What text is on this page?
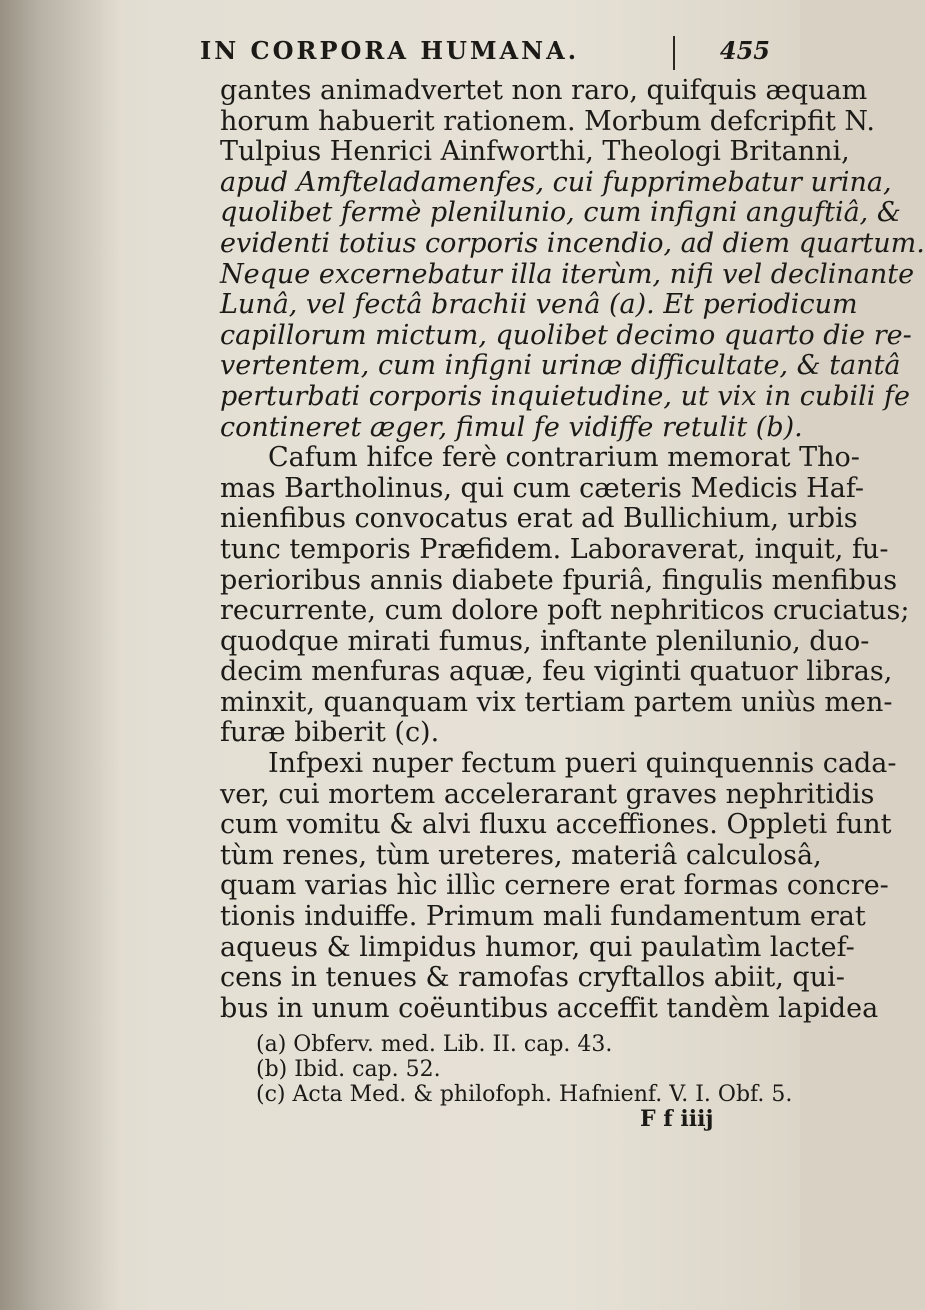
IN CORPORA HUMANA.	455
gantes animadvertet non raro, quifquis æquam
horum habuerit rationem. Morbum defcripfit N.
Tulpius Henrici Ainfworthi, Theologi Britanni,
apud Amfteladamenfes, cui fupprimebatur urina,
quolibet fermè plenilunio, cum infigni anguftiâ, &
evidenti totius corporis incendio, ad diem quartum.
Neque excernebatur illa iterùm, nifi vel declinante
Lunâ, vel fectâ brachii venâ (a). Et periodicum
capillorum mictum, quolibet decimo quarto die re-
vertentem, cum infigni urinæ difficultate, & tantâ
perturbati corporis inquietudine, ut vix in cubili fe
contineret æger, fimul fe vidiffe retulit (b).
Cafum hifce ferè contrarium memorat Tho-
mas Bartholinus, qui cum cæteris Medicis Haf-
nienfibus convocatus erat ad Bullichium, urbis
tunc temporis Præfidem. Laboraverat, inquit, fu-
perioribus annis diabete fpuriâ, fingulis menfibus
recurrente, cum dolore poft nephriticos cruciatus;
quodque mirati fumus, inftante plenilunio, duo-
decim menfuras aquæ, feu viginti quatuor libras,
minxit, quanquam vix tertiam partem uniùs men-
furæ biberit (c).
Infpexi nuper fectum pueri quinquennis cada-
ver, cui mortem accelerarant graves nephritidis
cum vomitu & alvi fluxu acceffiones. Oppleti funt
tùm renes, tùm ureteres, materiâ calculosâ,
quam varias hìc illìc cernere erat formas concre-
tionis induiffe. Primum mali fundamentum erat
aqueus & limpidus humor, qui paulatìm lactef-
cens in tenues & ramofas cryftallos abiit, qui-
bus in unum coëuntibus acceffit tandèm lapidea
(a) Obferv. med. Lib. II. cap. 43.
(b) Ibid. cap. 52.
(c) Acta Med. & philofoph. Hafnienf. V. I. Obf. 5.
F f iiij
